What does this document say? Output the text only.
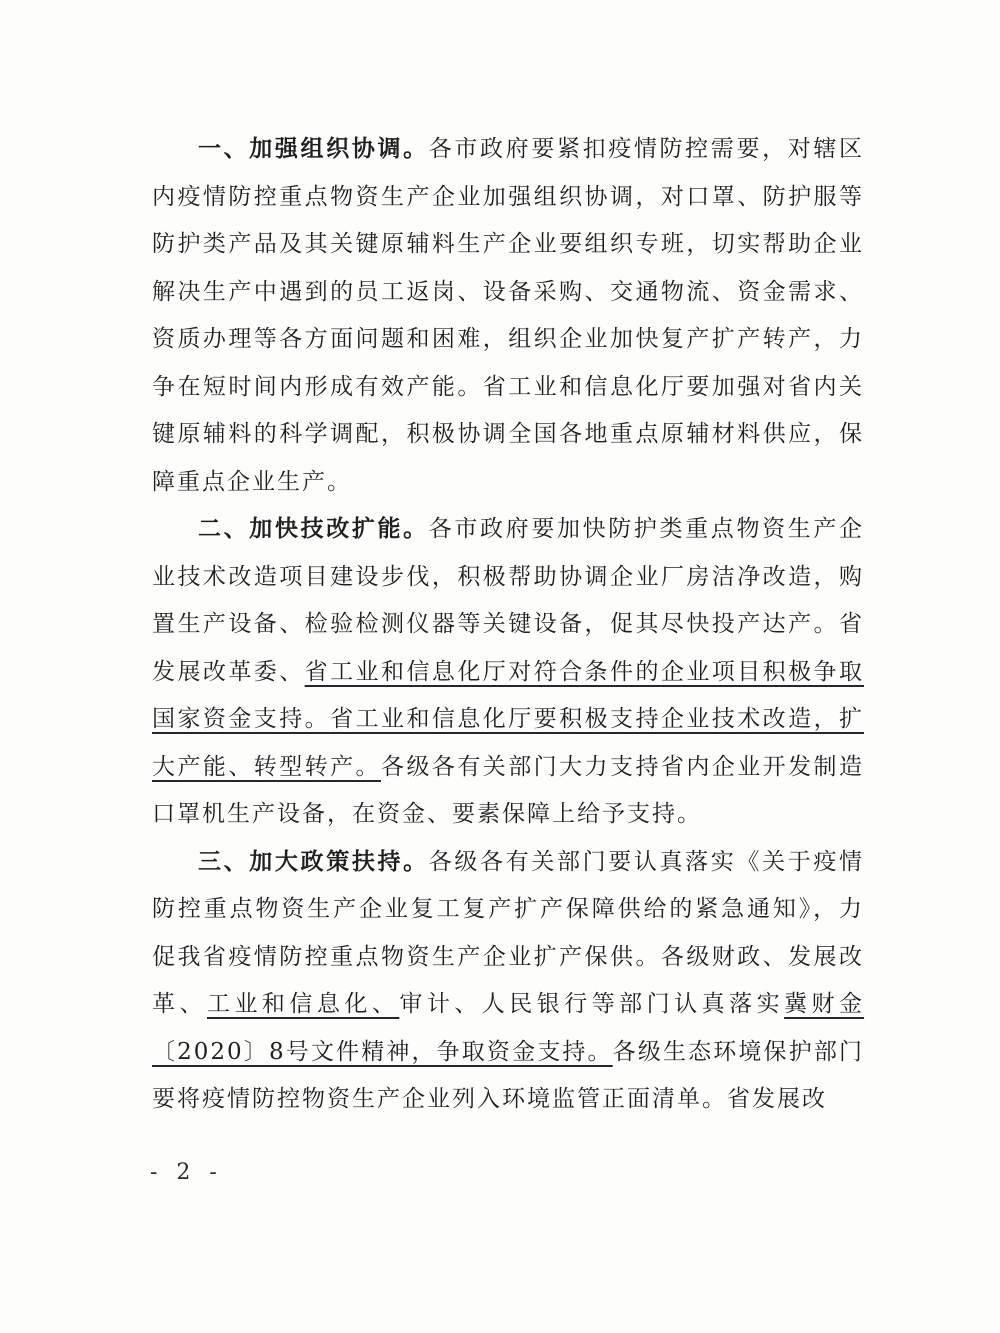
一、加强组织协调。各市政府要紧扣疫情防控需要，对辖区内疫情防控重点物资生产企业加强组织协调，对口罩、防护服等防护类产品及其关键原辅料生产企业要组织专班，切实帮助企业解决生产中遇到的员工返岗、设备采购、交通物流、资金需求、资质办理等各方面问题和困难，组织企业加快复产扩产转产，力争在短时间内形成有效产能。省工业和信息化厅要加强对省内关键原辅料的科学调配，积极协调全国各地重点原辅材料供应，保障重点企业生产。

二、加快技改扩能。各市政府要加快防护类重点物资生产企业技术改造项目建设步伐，积极帮助协调企业厂房洁净改造，购置生产设备、检验检测仪器等关键设备，促其尽快投产达产。省发展改革委、省工业和信息化厅对符合条件的企业项目积极争取国家资金支持。省工业和信息化厅要积极支持企业技术改造，扩大产能、转型转产。各级各有关部门大力支持省内企业开发制造口罩机生产设备，在资金、要素保障上给予支持。

三、加大政策扶持。各级各有关部门要认真落实《关于疫情防控重点物资生产企业复工复产扩产保障供给的紧急通知》，力促我省疫情防控重点物资生产企业扩产保供。各级财政、发展改革、工业和信息化、审计、人民银行等部门认真落实冀财金〔2020〕8号文件精神，争取资金支持。各级生态环境保护部门要将疫情防控物资生产企业列入环境监管正面清单。省发展改

- 2 -
